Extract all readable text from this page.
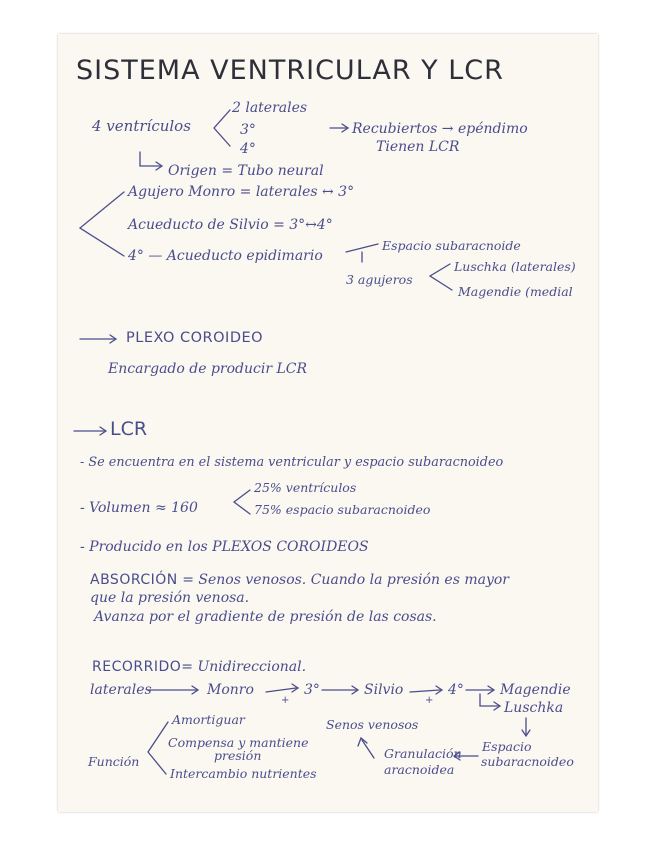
SISTEMA VENTRICULAR Y LCR
4 ventrículos
2 laterales
3°
4°
Recubiertos → epéndimo
Tienen LCR
Origen = Tubo neural
Agujero Monro = laterales ↔ 3°
Acueducto de Silvio = 3°↔4°
4° — Acueducto epidimario
Espacio subaracnoide
3 agujeros
Luschka (laterales)
Magendie (medial
PLEXO COROIDEO
Encargado de producir LCR
LCR
- Se encuentra en el sistema ventricular y espacio subaracnoideo
- Volumen ≈ 160
25% ventrículos
75% espacio subaracnoideo
- Producido en los PLEXOS COROIDEOS
ABSORCIÓN = Senos venosos. Cuando la presión es mayor
que la presión venosa.
Avanza por el gradiente de presión de las cosas.
RECORRIDO= Unidireccional.
laterales	Monro	3°	Silvio	4°	Magendie
Luschka
+	+
Espacio
subaracnoideo
Granulación
aracnoidea
Senos venosos
Función
Amortiguar
Compensa y mantiene
presión
Intercambio nutrientes
